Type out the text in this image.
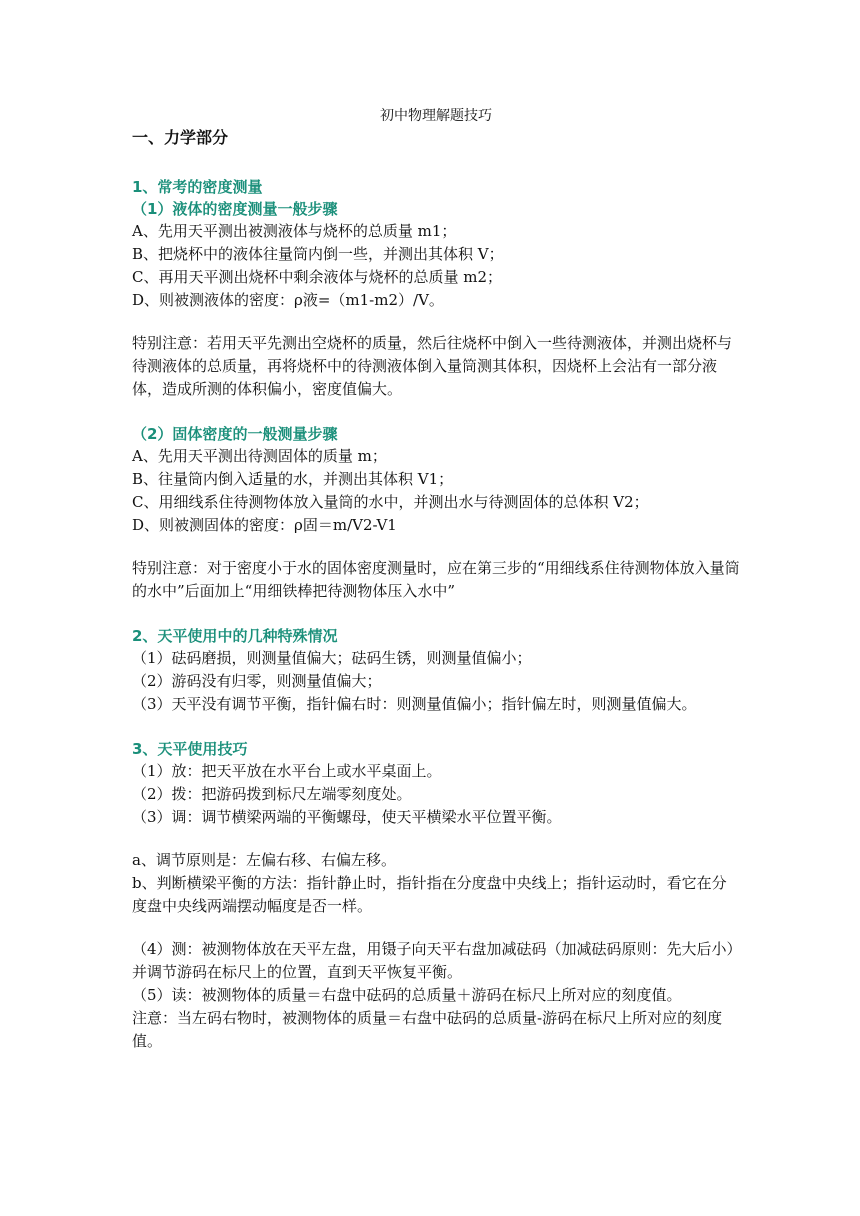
初中物理解题技巧

一、力学部分

1、常考的密度测量

（1）液体的密度测量一般步骤

A、先用天平测出被测液体与烧杯的总质量 m1；

B、把烧杯中的液体往量筒内倒一些，并测出其体积 V；

C、再用天平测出烧杯中剩余液体与烧杯的总质量 m2；

D、则被测液体的密度：ρ液=（m1-m2）/V。

特别注意：若用天平先测出空烧杯的质量，然后往烧杯中倒入一些待测液体，并测出烧杯与待测液体的总质量，再将烧杯中的待测液体倒入量筒测其体积，因烧杯上会沾有一部分液体，造成所测的体积偏小，密度值偏大。

（2）固体密度的一般测量步骤

A、先用天平测出待测固体的质量 m；

B、往量筒内倒入适量的水，并测出其体积 V1；

C、用细线系住待测物体放入量筒的水中，并测出水与待测固体的总体积 V2；

D、则被测固体的密度：ρ固＝m/V2-V1

特别注意：对于密度小于水的固体密度测量时，应在第三步的“用细线系住待测物体放入量筒的水中”后面加上“用细铁棒把待测物体压入水中”

2、天平使用中的几种特殊情况

（1）砝码磨损，则测量值偏大；砝码生锈，则测量值偏小；

（2）游码没有归零，则测量值偏大；

（3）天平没有调节平衡，指针偏右时：则测量值偏小；指针偏左时，则测量值偏大。

3、天平使用技巧

（1）放：把天平放在水平台上或水平桌面上。

（2）拨：把游码拨到标尺左端零刻度处。

（3）调：调节横梁两端的平衡螺母，使天平横梁水平位置平衡。

a、调节原则是：左偏右移、右偏左移。

b、判断横梁平衡的方法：指针静止时，指针指在分度盘中央线上；指针运动时，看它在分度盘中央线两端摆动幅度是否一样。

（4）测：被测物体放在天平左盘，用镊子向天平右盘加减砝码（加减砝码原则：先大后小）并调节游码在标尺上的位置，直到天平恢复平衡。

（5）读：被测物体的质量＝右盘中砝码的总质量＋游码在标尺上所对应的刻度值。

注意：当左码右物时，被测物体的质量＝右盘中砝码的总质量-游码在标尺上所对应的刻度值。
